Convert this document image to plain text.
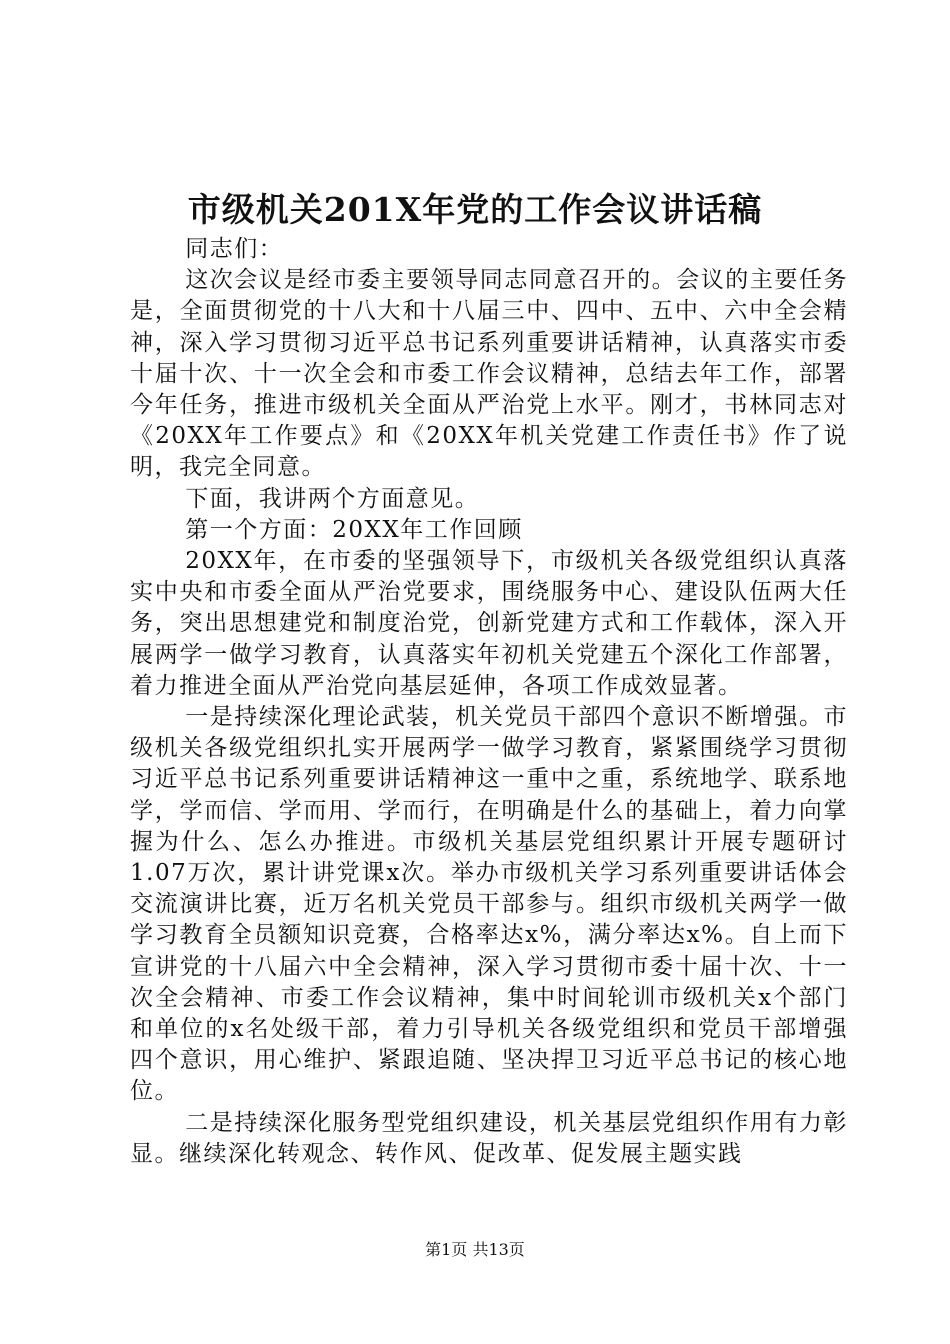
市级机关201X年党的工作会议讲话稿

同志们：

这次会议是经市委主要领导同志同意召开的。会议的主要任务是，全面贯彻党的十八大和十八届三中、四中、五中、六中全会精神，深入学习贯彻习近平总书记系列重要讲话精神，认真落实市委十届十次、十一次全会和市委工作会议精神，总结去年工作，部署今年任务，推进市级机关全面从严治党上水平。刚才，书林同志对《20XX年工作要点》和《20XX年机关党建工作责任书》作了说明，我完全同意。

下面，我讲两个方面意见。

第一个方面：20XX年工作回顾

20XX年，在市委的坚强领导下，市级机关各级党组织认真落实中央和市委全面从严治党要求，围绕服务中心、建设队伍两大任务，突出思想建党和制度治党，创新党建方式和工作载体，深入开展两学一做学习教育，认真落实年初机关党建五个深化工作部署，着力推进全面从严治党向基层延伸，各项工作成效显著。

一是持续深化理论武装，机关党员干部四个意识不断增强。市级机关各级党组织扎实开展两学一做学习教育，紧紧围绕学习贯彻习近平总书记系列重要讲话精神这一重中之重，系统地学、联系地学，学而信、学而用、学而行，在明确是什么的基础上，着力向掌握为什么、怎么办推进。市级机关基层党组织累计开展专题研讨1.07万次，累计讲党课x次。举办市级机关学习系列重要讲话体会交流演讲比赛，近万名机关党员干部参与。组织市级机关两学一做学习教育全员额知识竞赛，合格率达x%，满分率达x%。自上而下宣讲党的十八届六中全会精神，深入学习贯彻市委十届十次、十一次全会精神、市委工作会议精神，集中时间轮训市级机关x个部门和单位的x名处级干部，着力引导机关各级党组织和党员干部增强四个意识，用心维护、紧跟追随、坚决捍卫习近平总书记的核心地位。

二是持续深化服务型党组织建设，机关基层党组织作用有力彰显。继续深化转观念、转作风、促改革、促发展主题实践

第1页 共13页
